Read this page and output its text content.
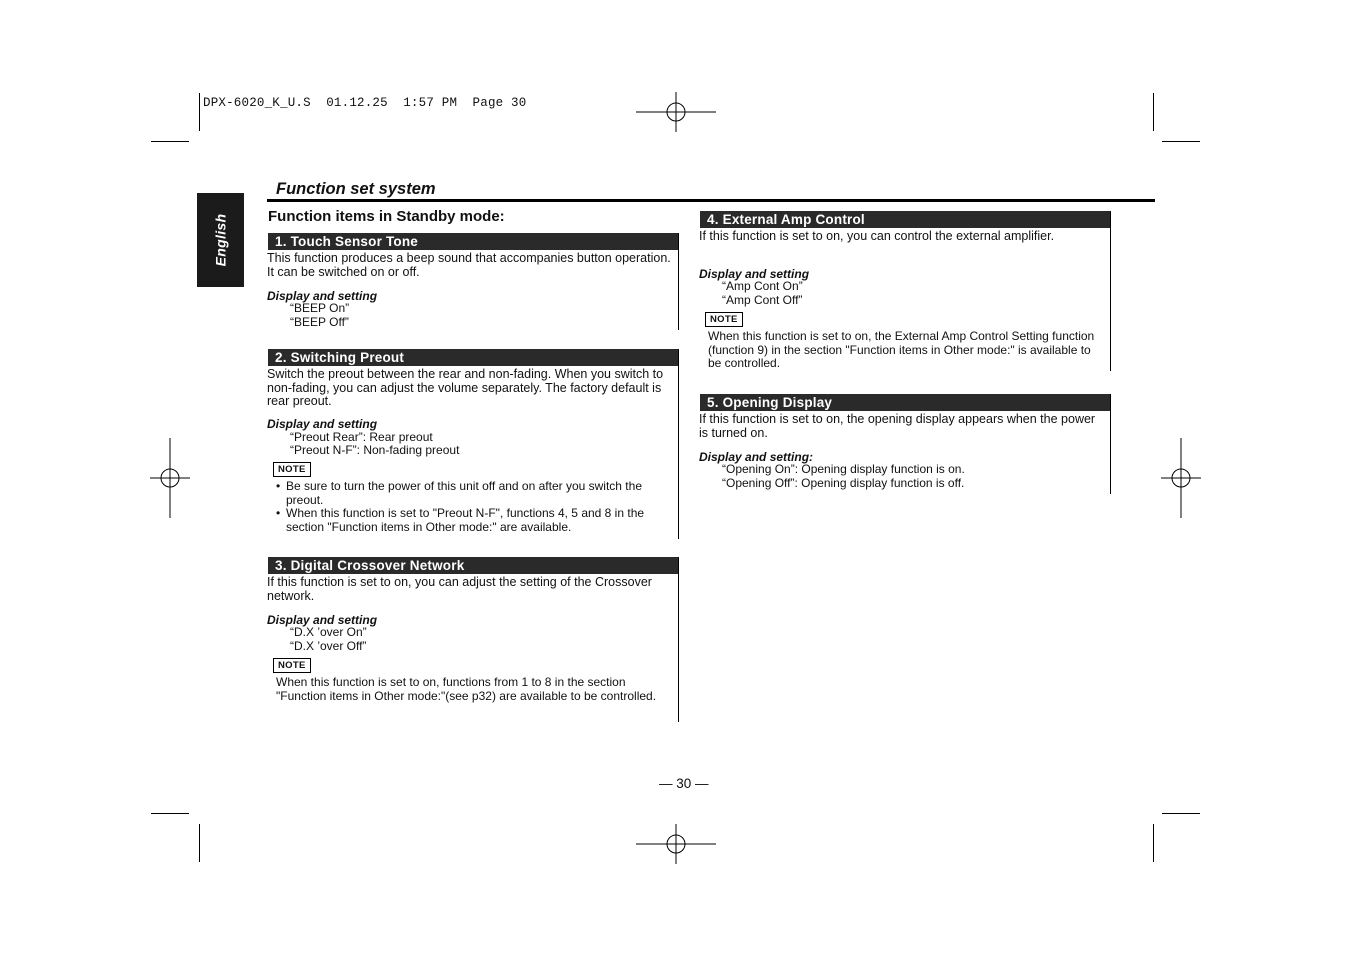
DPX-6020_K_U.S  01.12.25  1:57 PM  Page 30
English
Function set system
Function items in Standby mode:
1. Touch Sensor Tone
This function produces a beep sound that accompanies button operation. It can be switched on or off.
Display and setting
“BEEP On”
“BEEP Off”
2. Switching Preout
Switch the preout between the rear and non-fading. When you switch to non-fading, you can adjust the volume separately. The factory default is rear preout.
Display and setting
“Preout Rear”: Rear preout
“Preout N-F”: Non-fading preout
NOTE
• Be sure to turn the power of this unit off and on after you switch the preout.
• When this function is set to "Preout N-F", functions 4, 5 and 8 in the section "Function items in Other mode:" are available.
3. Digital Crossover Network
If this function is set to on, you can adjust the setting of the Crossover network.
Display and setting
“D.X ’over On”
“D.X ’over Off”
NOTE
When this function is set to on, functions from 1 to 8 in the section "Function items in Other mode:"(see p32) are available to be controlled.
4. External Amp Control
If this function is set to on, you can control the external amplifier.
Display and setting
“Amp Cont On”
“Amp Cont Off”
NOTE
When this function is set to on, the External Amp Control Setting function (function 9) in the section "Function items in Other mode:" is available to be controlled.
5. Opening Display
If this function is set to on, the opening display appears when the power is turned on.
Display and setting:
“Opening On”: Opening display function is on.
“Opening Off”: Opening display function is off.
— 30 —
